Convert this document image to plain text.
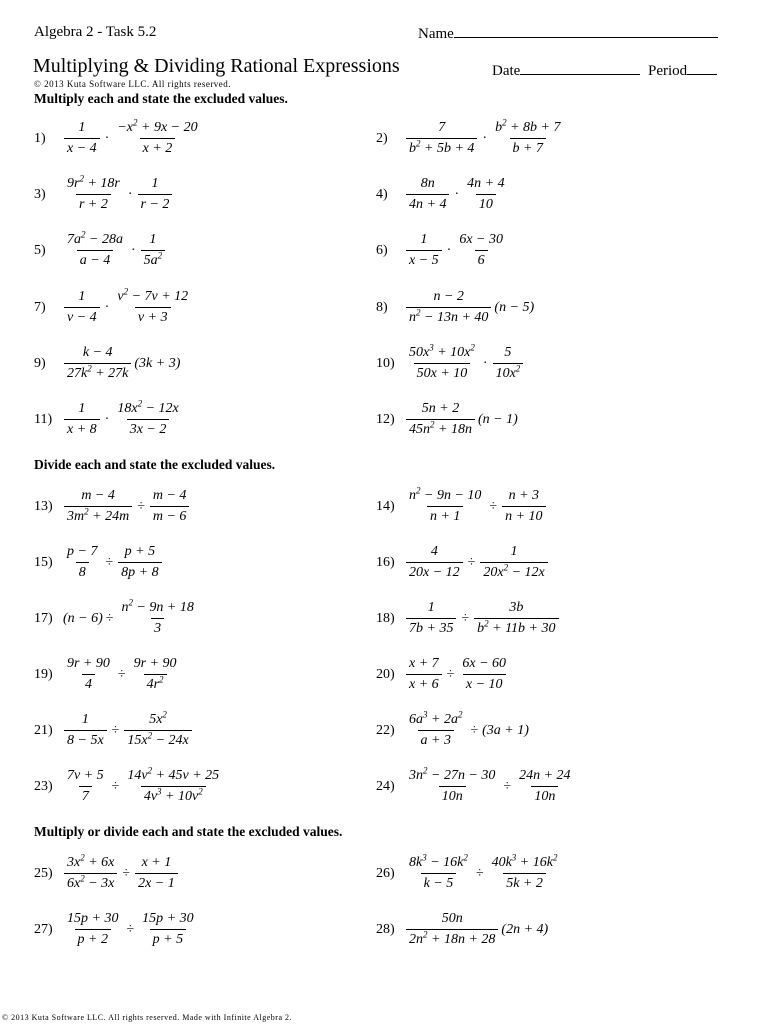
Algebra 2 - Task 5.2	Name
Multiplying & Dividing Rational Expressions	Date	Period
© 2013 Kuta Software LLC. All rights reserved.
Multiply each and state the excluded values.
Divide each and state the excluded values.
Multiply or divide each and state the excluded values.
1)	$\frac{1}{x - 4} \cdot \frac{-x^2 + 9x - 20}{x + 2}$	2)	$\frac{7}{b^2 + 5b + 4} \cdot \frac{b^2 + 8b + 7}{b + 7}$
3)	$\frac{9r^2 + 18r}{r + 2} \cdot \frac{1}{r - 2}$	4)	$\frac{8n}{4n + 4} \cdot \frac{4n + 4}{10}$
5)	$\frac{7a^2 - 28a}{a - 4} \cdot \frac{1}{5a^2}$	6)	$\frac{1}{x - 5} \cdot \frac{6x - 30}{6}$
7)	$\frac{1}{v - 4} \cdot \frac{v^2 - 7v + 12}{v + 3}$	8)	$\frac{n - 2}{n^2 - 13n + 40} (n - 5)$
9)	$\frac{k - 4}{27k^2 + 27k} (3k + 3)$	$10) \frac{50x^3 + 10x^2}{50x + 10} \cdot \frac{5}{10x^2}$
$11) \frac{1}{x + 8} \cdot \frac{18x^2 - 12x}{3x - 2}$	$12) \frac{5n + 2}{45n^2 + 18n} (n - 1)$
$13) \frac{m - 4}{3m^2 + 24m} \div \frac{m - 4}{m - 6}$	$14) \frac{n^2 - 9n - 10}{n + 1} \div \frac{n + 3}{n + 10}$
$15) \frac{p - 7}{8} \div \frac{p + 5}{8p + 8}$	$16) \frac{4}{20x - 12} \div \frac{1}{20x^2 - 12x}$
17) $(n - 6) \div \frac{n^2 - 9n + 18}{3}$	$18) \frac{1}{7b + 35} \div \frac{3b}{b^2 + 11b + 30}$
$19) \frac{9r + 90}{4} \div \frac{9r + 90}{4r^2}$	$20) \frac{x + 7}{x + 6} \div \frac{6x - 60}{x - 10}$
$21) \frac{1}{8 - 5x} \div \frac{5x^2}{15x^2 - 24x}$	$22) \frac{6a^3 + 2a^2}{a + 3} \div (3a + 1)$
$23) \frac{7v + 5}{7} \div \frac{14v^2 + 45v + 25}{4v^3 + 10v^2}$	$24) \frac{3n^2 - 27n - 30}{10n} \div \frac{24n + 24}{10n}$
$25) \frac{3x^2 + 6x}{6x^2 - 3x} \div \frac{x + 1}{2x - 1}$	$26) \frac{8k^3 - 16k^2}{k - 5} \div \frac{40k^3 + 16k^2}{5k + 2}$
$27) \frac{15p + 30}{p + 2} \div \frac{15p + 30}{p + 5}$	$28) \frac{50n}{2n^2 + 18n + 28} (2n + 4)$
© 2013 Kuta Software LLC. All rights reserved. Made with Infinite Algebra 2.
